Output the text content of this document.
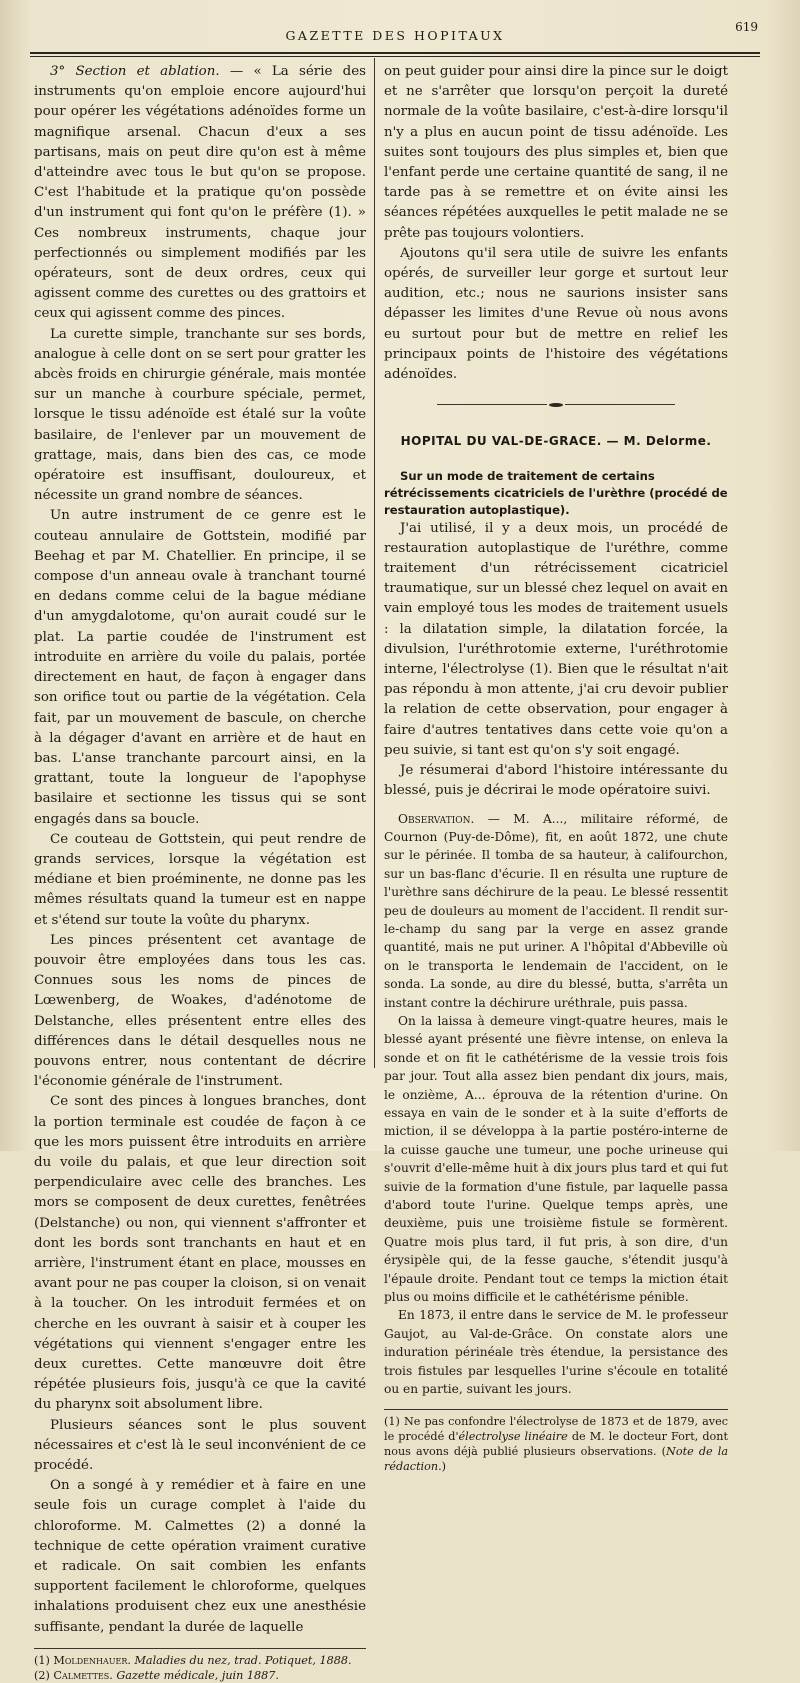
GAZETTE DES HOPITAUX
619

3° Section et ablation. — « La série des instruments qu'on emploie encore aujourd'hui pour opérer les végétations adénoïdes forme un magnifique arsenal. Chacun d'eux a ses partisans, mais on peut dire qu'on est à même d'atteindre avec tous le but qu'on se propose. C'est l'habitude et la pratique qu'on possède d'un instrument qui font qu'on le préfère (1). » Ces nombreux instruments, chaque jour perfectionnés ou simplement modifiés par les opérateurs, sont de deux ordres, ceux qui agissent comme des curettes ou des grattoirs et ceux qui agissent comme des pinces.

La curette simple, tranchante sur ses bords, analogue à celle dont on se sert pour gratter les abcès froids en chirurgie générale, mais montée sur un manche à courbure spéciale, permet, lorsque le tissu adénoïde est étalé sur la voûte basilaire, de l'enlever par un mouvement de grattage, mais, dans bien des cas, ce mode opératoire est insuffisant, douloureux, et nécessite un grand nombre de séances.

Un autre instrument de ce genre est le couteau annulaire de Gottstein, modifié par Beehag et par M. Chatellier. En principe, il se compose d'un anneau ovale à tranchant tourné en dedans comme celui de la bague médiane d'un amygdalotome, qu'on aurait coudé sur le plat. La partie coudée de l'instrument est introduite en arrière du voile du palais, portée directement en haut, de façon à engager dans son orifice tout ou partie de la végétation. Cela fait, par un mouvement de bascule, on cherche à la dégager d'avant en arrière et de haut en bas. L'anse tranchante parcourt ainsi, en la grattant, toute la longueur de l'apophyse basilaire et sectionne les tissus qui se sont engagés dans sa boucle.

Ce couteau de Gottstein, qui peut rendre de grands services, lorsque la végétation est médiane et bien proéminente, ne donne pas les mêmes résultats quand la tumeur est en nappe et s'étend sur toute la voûte du pharynx.

Les pinces présentent cet avantage de pouvoir être employées dans tous les cas. Connues sous les noms de pinces de Lœwenberg, de Woakes, d'adénotome de Delstanche, elles présentent entre elles des différences dans le détail desquelles nous ne pouvons entrer, nous contentant de décrire l'économie générale de l'instrument.

Ce sont des pinces à longues branches, dont la portion terminale est coudée de façon à ce que les mors puissent être introduits en arrière du voile du palais, et que leur direction soit perpendiculaire avec celle des branches. Les mors se composent de deux curettes, fenêtrées (Delstanche) ou non, qui viennent s'affronter et dont les bords sont tranchants en haut et en arrière, l'instrument étant en place, mousses en avant pour ne pas couper la cloison, si on venait à la toucher. On les introduit fermées et on cherche en les ouvrant à saisir et à couper les végétations qui viennent s'engager entre les deux curettes. Cette manœuvre doit être répétée plusieurs fois, jusqu'à ce que la cavité du pharynx soit absolument libre.

Plusieurs séances sont le plus souvent nécessaires et c'est là le seul inconvénient de ce procédé.

On a songé à y remédier et à faire en une seule fois un curage complet à l'aide du chloroforme. M. Calmettes (2) a donné la technique de cette opération vraiment curative et radicale. On sait combien les enfants supportent facilement le chloroforme, quelques inhalations produisent chez eux une anesthésie suffisante, pendant la durée de laquelle

(1) Moldenhauer. Maladies du nez, trad. Potiquet, 1888.

(2) Calmettes. Gazette médicale, juin 1887.

on peut guider pour ainsi dire la pince sur le doigt et ne s'arrêter que lorsqu'on perçoit la dureté normale de la voûte basilaire, c'est-à-dire lorsqu'il n'y a plus en aucun point de tissu adénoïde. Les suites sont toujours des plus simples et, bien que l'enfant perde une certaine quantité de sang, il ne tarde pas à se remettre et on évite ainsi les séances répétées auxquelles le petit malade ne se prête pas toujours volontiers.

Ajoutons qu'il sera utile de suivre les enfants opérés, de surveiller leur gorge et surtout leur audition, etc.; nous ne saurions insister sans dépasser les limites d'une Revue où nous avons eu surtout pour but de mettre en relief les principaux points de l'histoire des végétations adénoïdes.

HOPITAL DU VAL-DE-GRACE. — M. Delorme.

Sur un mode de traitement de certains rétrécissements cicatriciels de l'urèthre (procédé de restauration autoplastique).

J'ai utilisé, il y a deux mois, un procédé de restauration autoplastique de l'uréthre, comme traitement d'un rétrécissement cicatriciel traumatique, sur un blessé chez lequel on avait en vain employé tous les modes de traitement usuels : la dilatation simple, la dilatation forcée, la divulsion, l'uréthrotomie externe, l'uréthrotomie interne, l'électrolyse (1). Bien que le résultat n'ait pas répondu à mon attente, j'ai cru devoir publier la relation de cette observation, pour engager à faire d'autres tentatives dans cette voie qu'on a peu suivie, si tant est qu'on s'y soit engagé.

Je résumerai d'abord l'histoire intéressante du blessé, puis je décrirai le mode opératoire suivi.

Observation. — M. A..., militaire réformé, de Cournon (Puy-de-Dôme), fit, en août 1872, une chute sur le périnée. Il tomba de sa hauteur, à califourchon, sur un bas-flanc d'écurie. Il en résulta une rupture de l'urèthre sans déchirure de la peau. Le blessé ressentit peu de douleurs au moment de l'accident. Il rendit sur-le-champ du sang par la verge en assez grande quantité, mais ne put uriner. A l'hôpital d'Abbeville où on le transporta le lendemain de l'accident, on le sonda. La sonde, au dire du blessé, butta, s'arrêta un instant contre la déchirure uréthrale, puis passa.

On la laissa à demeure vingt-quatre heures, mais le blessé ayant présenté une fièvre intense, on enleva la sonde et on fit le cathétérisme de la vessie trois fois par jour. Tout alla assez bien pendant dix jours, mais, le onzième, A... éprouva de la rétention d'urine. On essaya en vain de le sonder et à la suite d'efforts de miction, il se développa à la partie postéro-interne de la cuisse gauche une tumeur, une poche urineuse qui s'ouvrit d'elle-même huit à dix jours plus tard et qui fut suivie de la formation d'une fistule, par laquelle passa d'abord toute l'urine. Quelque temps après, une deuxième, puis une troisième fistule se formèrent. Quatre mois plus tard, il fut pris, à son dire, d'un érysipèle qui, de la fesse gauche, s'étendit jusqu'à l'épaule droite. Pendant tout ce temps la miction était plus ou moins difficile et le cathétérisme pénible.

En 1873, il entre dans le service de M. le professeur Gaujot, au Val-de-Grâce. On constate alors une induration périnéale très étendue, la persistance des trois fistules par lesquelles l'urine s'écoule en totalité ou en partie, suivant les jours.

(1) Ne pas confondre l'électrolyse de 1873 et de 1879, avec le procédé d'électrolyse linéaire de M. le docteur Fort, dont nous avons déjà publié plusieurs observations. (Note de la rédaction.)
